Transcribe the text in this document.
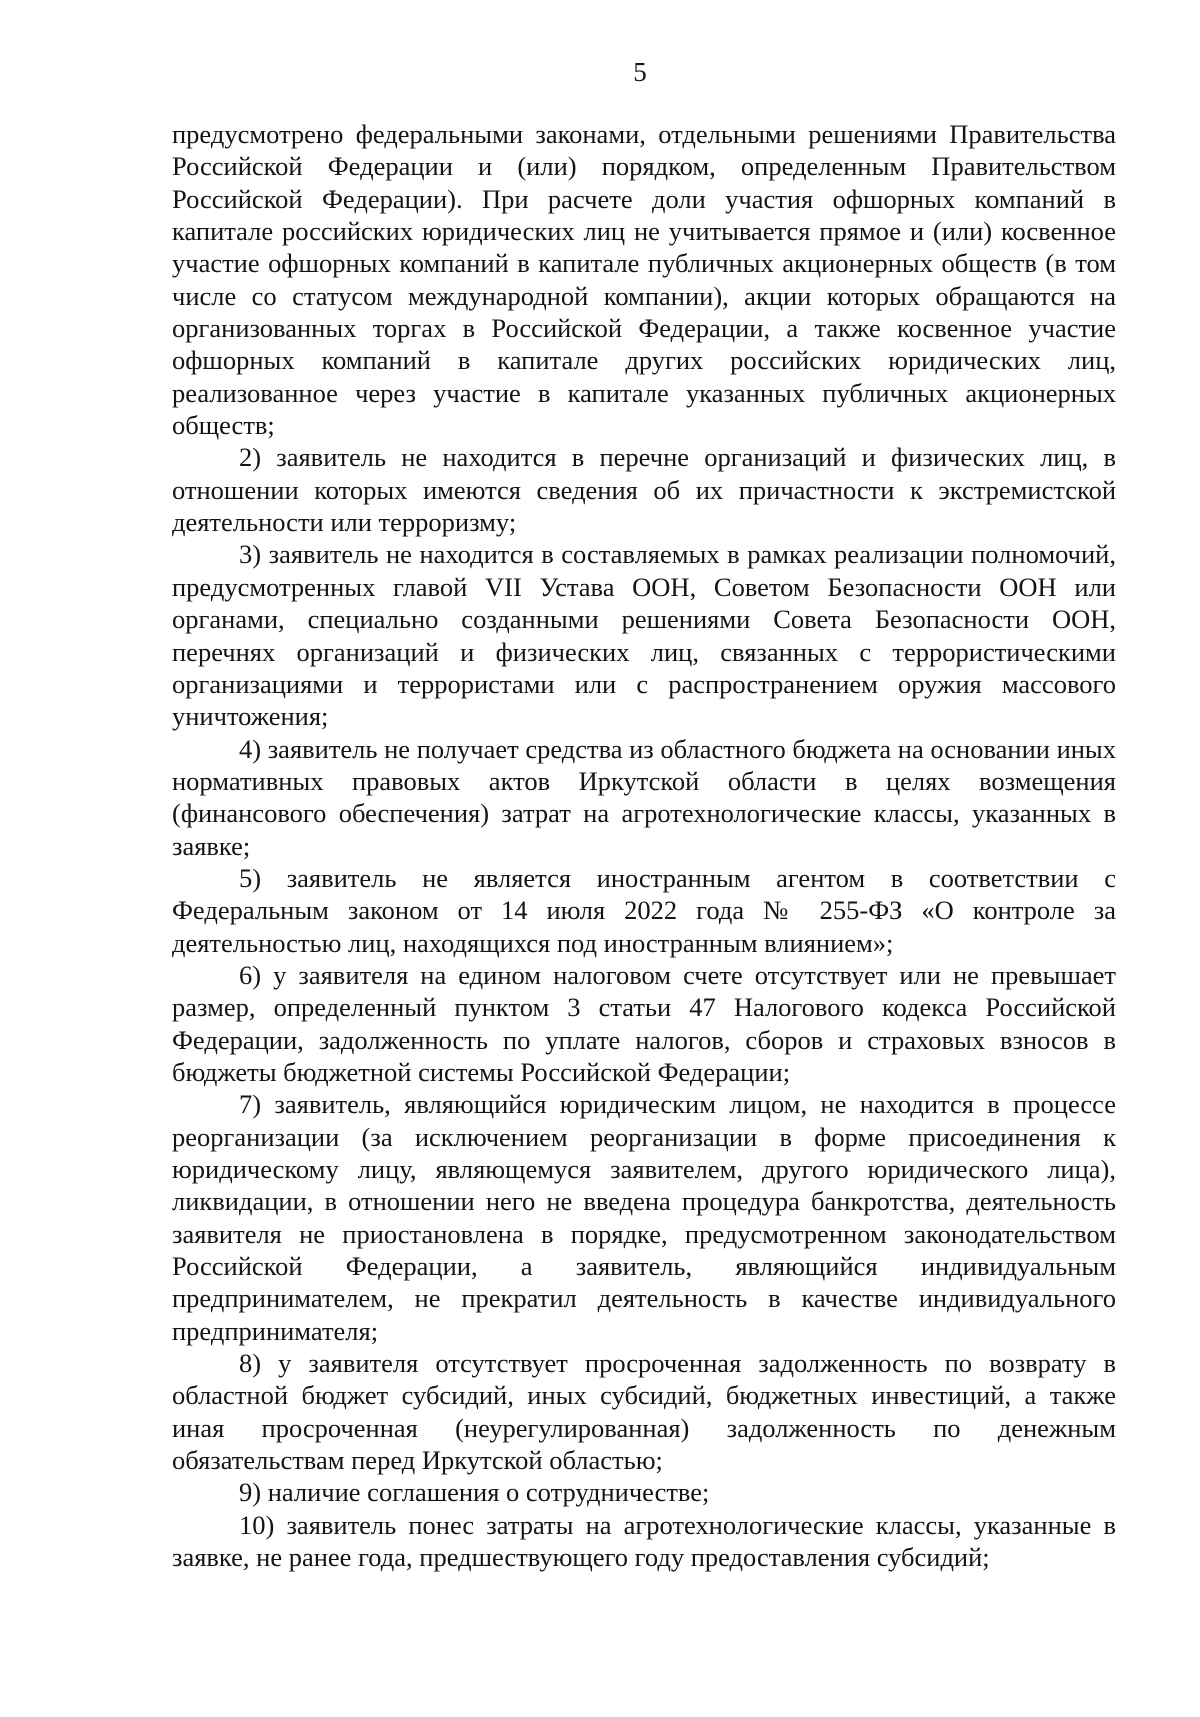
5

предусмотрено федеральными законами, отдельными решениями Правительства Российской Федерации и (или) порядком, определенным Правительством Российской Федерации). При расчете доли участия офшорных компаний в капитале российских юридических лиц не учитывается прямое и (или) косвенное участие офшорных компаний в капитале публичных акционерных обществ (в том числе со статусом международной компании), акции которых обращаются на организованных торгах в Российской Федерации, а также косвенное участие офшорных компаний в капитале других российских юридических лиц, реализованное через участие в капитале указанных публичных акционерных обществ;

2) заявитель не находится в перечне организаций и физических лиц, в отношении которых имеются сведения об их причастности к экстремистской деятельности или терроризму;

3) заявитель не находится в составляемых в рамках реализации полномочий, предусмотренных главой VII Устава ООН, Советом Безопасности ООН или органами, специально созданными решениями Совета Безопасности ООН, перечнях организаций и физических лиц, связанных с террористическими организациями и террористами или с распространением оружия массового уничтожения;

4) заявитель не получает средства из областного бюджета на основании иных нормативных правовых актов Иркутской области в целях возмещения (финансового обеспечения) затрат на агротехнологические классы, указанных в заявке;

5) заявитель не является иностранным агентом в соответствии с Федеральным законом от 14 июля 2022 года № 255-ФЗ «О контроле за деятельностью лиц, находящихся под иностранным влиянием»;

6) у заявителя на едином налоговом счете отсутствует или не превышает размер, определенный пунктом 3 статьи 47 Налогового кодекса Российской Федерации, задолженность по уплате налогов, сборов и страховых взносов в бюджеты бюджетной системы Российской Федерации;

7) заявитель, являющийся юридическим лицом, не находится в процессе реорганизации (за исключением реорганизации в форме присоединения к юридическому лицу, являющемуся заявителем, другого юридического лица), ликвидации, в отношении него не введена процедура банкротства, деятельность заявителя не приостановлена в порядке, предусмотренном законодательством Российской Федерации, а заявитель, являющийся индивидуальным предпринимателем, не прекратил деятельность в качестве индивидуального предпринимателя;

8) у заявителя отсутствует просроченная задолженность по возврату в областной бюджет субсидий, иных субсидий, бюджетных инвестиций, а также иная просроченная (неурегулированная) задолженность по денежным обязательствам перед Иркутской областью;

9) наличие соглашения о сотрудничестве;

10) заявитель понес затраты на агротехнологические классы, указанные в заявке, не ранее года, предшествующего году предоставления субсидий;
